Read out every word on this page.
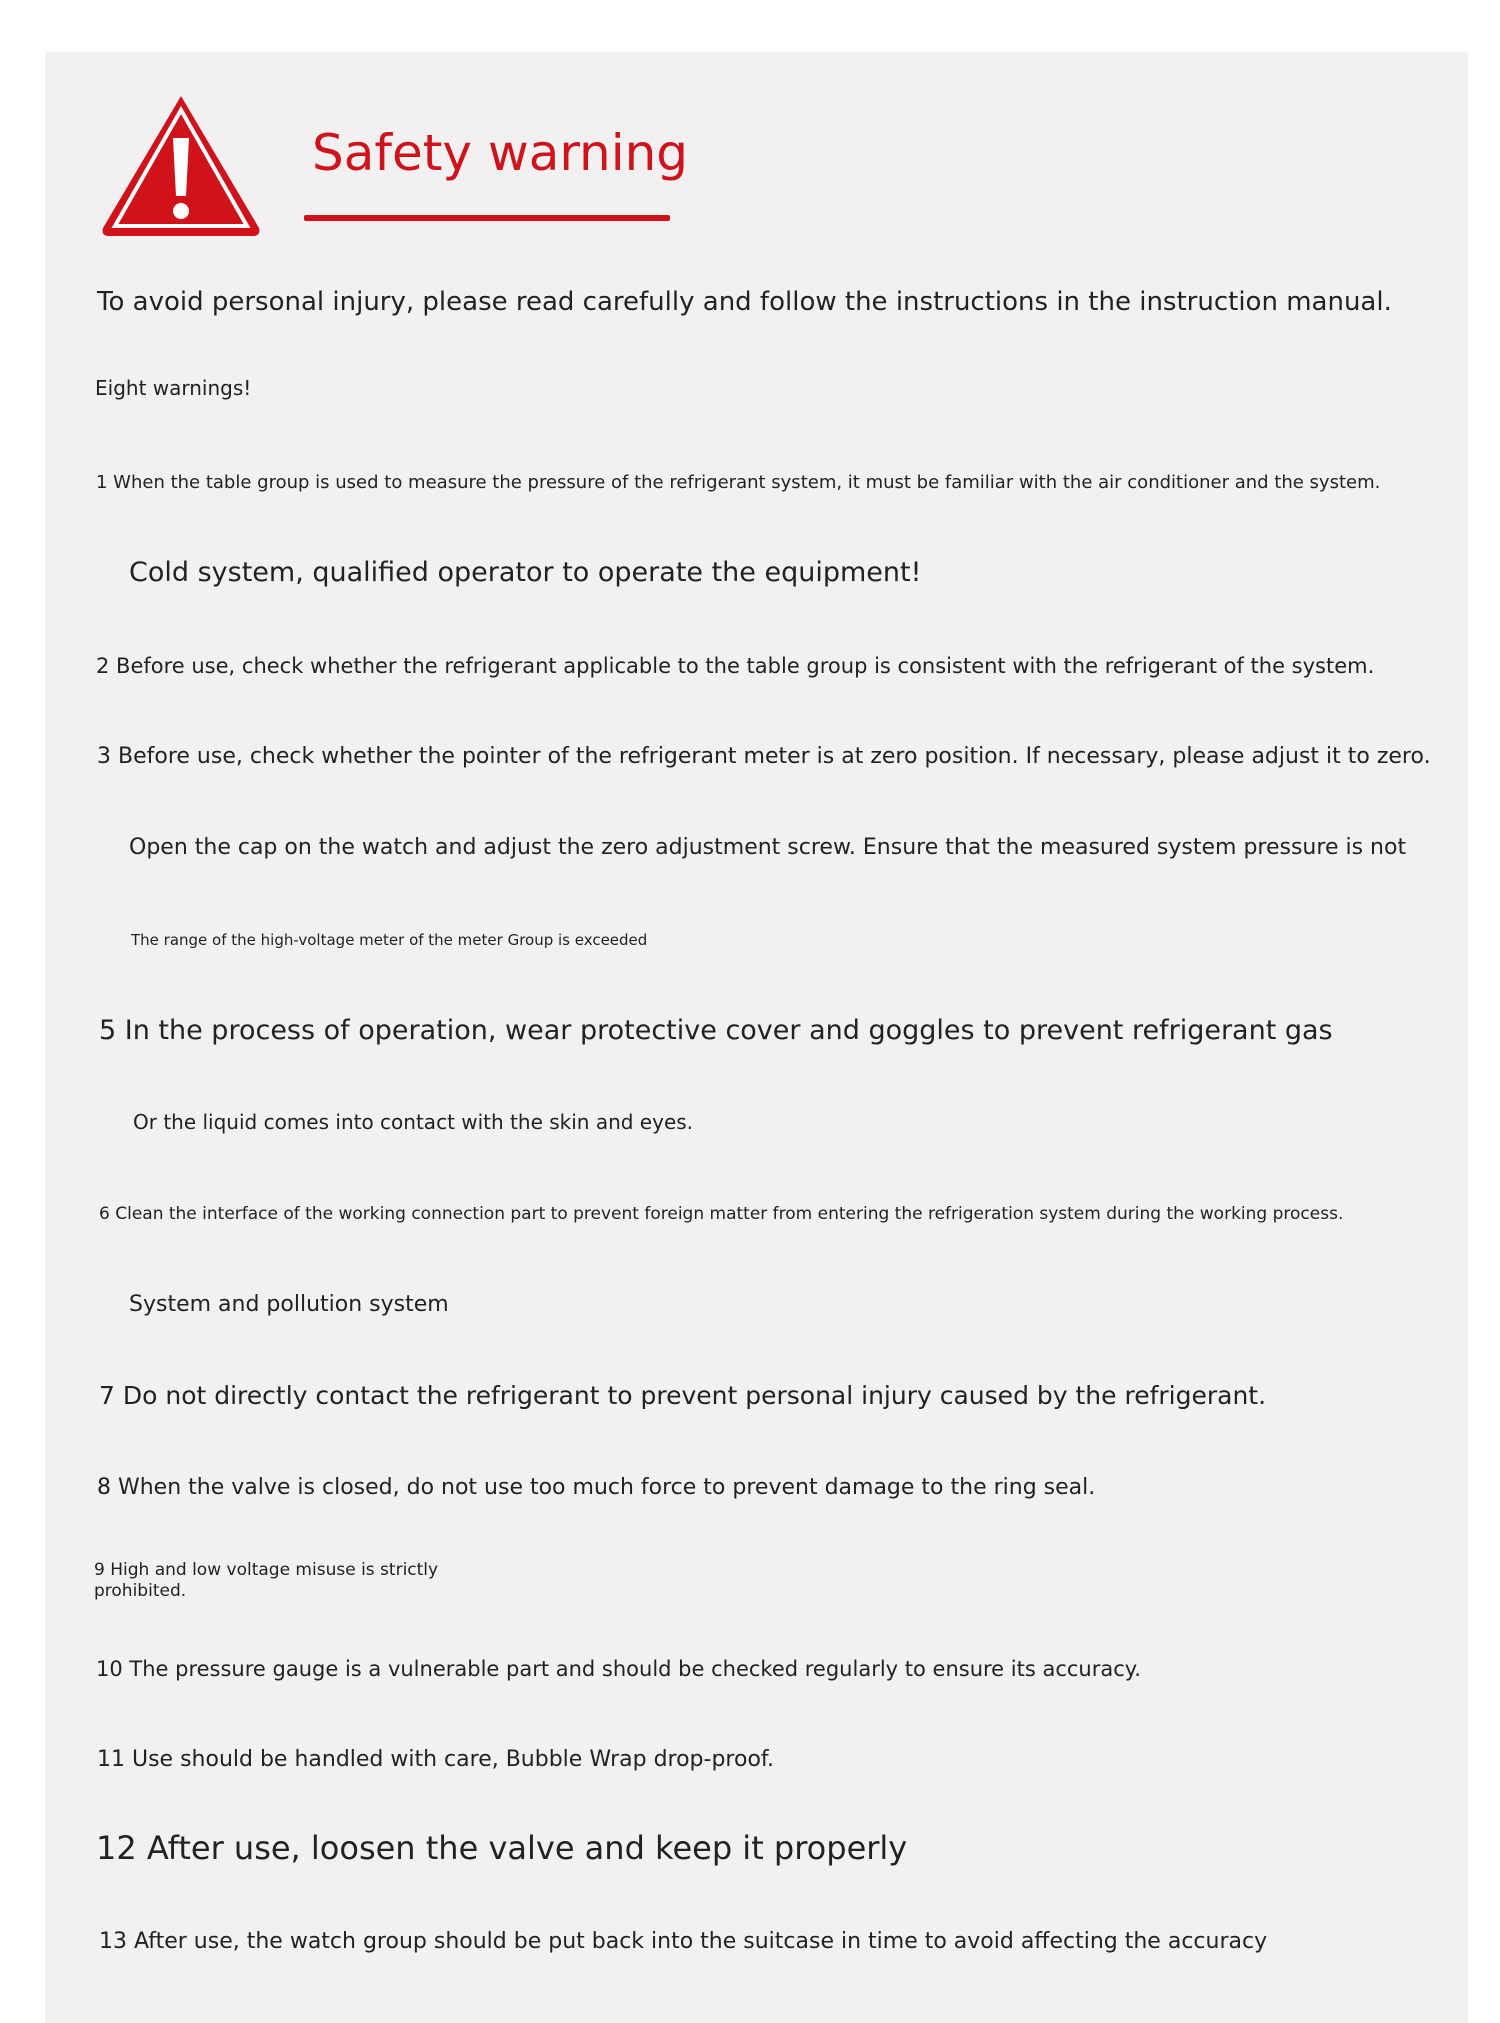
Safety warning
To avoid personal injury, please read carefully and follow the instructions in the instruction manual.
Eight warnings!
1 When the table group is used to measure the pressure of the refrigerant system, it must be familiar with the air conditioner and the system.
Cold system, qualified operator to operate the equipment!
2 Before use, check whether the refrigerant applicable to the table group is consistent with the refrigerant of the system.
3 Before use, check whether the pointer of the refrigerant meter is at zero position. If necessary, please adjust it to zero.
Open the cap on the watch and adjust the zero adjustment screw. Ensure that the measured system pressure is not
The range of the high-voltage meter of the meter Group is exceeded
5 In the process of operation, wear protective cover and goggles to prevent refrigerant gas
Or the liquid comes into contact with the skin and eyes.
6 Clean the interface of the working connection part to prevent foreign matter from entering the refrigeration system during the working process.
System and pollution system
7 Do not directly contact the refrigerant to prevent personal injury caused by the refrigerant.
8 When the valve is closed, do not use too much force to prevent damage to the ring seal.
9 High and low voltage misuse is strictly
prohibited.
10 The pressure gauge is a vulnerable part and should be checked regularly to ensure its accuracy.
11 Use should be handled with care, Bubble Wrap drop-proof.
12 After use, loosen the valve and keep it properly
13 After use, the watch group should be put back into the suitcase in time to avoid affecting the accuracy
